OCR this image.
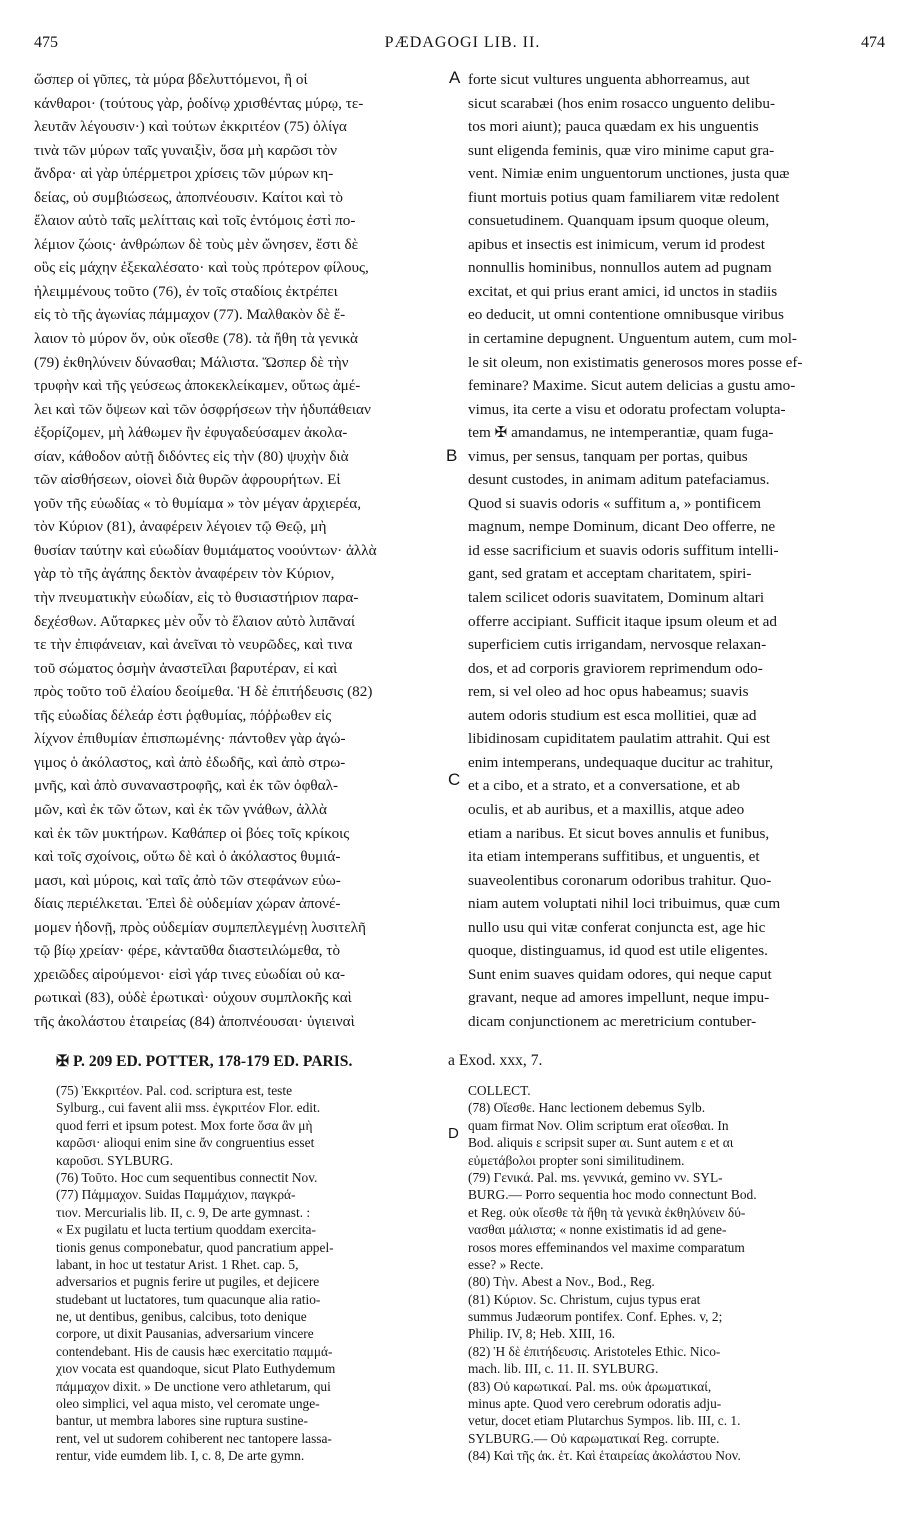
475	PÆDAGOGI LIB. II.	474
ὥσπερ οἱ γῦπες, τὰ μύρα βδελυττόμενοι, ἢ οἱ
κάνθαροι· (τούτους γὰρ, ῥοδίνῳ χρισθέντας μύρῳ, τε-
λευτᾶν λέγουσιν·) καὶ τούτων ἐκκριτέον (75) ὀλίγα
τινὰ τῶν μύρων ταῖς γυναιξὶν, ὅσα μὴ καρῶσι τὸν
ἄνδρα· αἱ γὰρ ὑπέρμετροι χρίσεις τῶν μύρων κη-
δείας, οὐ συμβιώσεως, ἀποπνέουσιν. Καίτοι καὶ τὸ
ἔλαιον αὐτὸ ταῖς μελίτταις καὶ τοῖς ἐντόμοις ἐστὶ πο-
λέμιον ζώοις· ἀνθρώπων δὲ τοὺς μὲν ὤνησεν, ἔστι δὲ
οὓς εἰς μάχην ἐξεκαλέσατο· καὶ τοὺς πρότερον φίλους,
ἠλειμμένους τοῦτο (76), ἐν τοῖς σταδίοις ἐκτρέπει
εἰς τὸ τῆς ἀγωνίας πάμμαχον (77). Μαλθακὸν δὲ ἔ-
λαιον τὸ μύρον ὄν, οὐκ οἴεσθε (78). τὰ ἤθη τὰ γενικὰ
(79) ἐκθηλύνειν δύνασθαι; Μάλιστα. Ὥσπερ δὲ τὴν
τρυφὴν καὶ τῆς γεύσεως ἀποκεκλείκαμεν, οὕτως ἀμέ-
λει καὶ τῶν ὄψεων καὶ τῶν ὀσφρήσεων τὴν ἡδυπάθειαν
ἐξορίζομεν, μὴ λάθωμεν ἣν ἐφυγαδεύσαμεν ἀκολα-
σίαν, κάθοδον αὐτῇ διδόντες εἰς τὴν (80) ψυχὴν διὰ
τῶν αἰσθήσεων, οἱονεὶ διὰ θυρῶν ἀφρουρήτων. Εἰ
γοῦν τῆς εὐωδίας « τὸ θυμίαμα » τὸν μέγαν ἀρχιερέα,
τὸν Κύριον (81), ἀναφέρειν λέγοιεν τῷ Θεῷ, μὴ
θυσίαν ταύτην καὶ εὐωδίαν θυμιάματος νοούντων· ἀλλὰ
γὰρ τὸ τῆς ἀγάπης δεκτὸν ἀναφέρειν τὸν Κύριον,
τὴν πνευματικὴν εὐωδίαν, εἰς τὸ θυσιαστήριον παρα-
δεχέσθων. Αὔταρκες μὲν οὖν τὸ ἔλαιον αὐτὸ λιπᾶναί
τε τὴν ἐπιφάνειαν, καὶ ἀνεῖναι τὸ νευρῶδες, καὶ τινα
τοῦ σώματος ὀσμὴν ἀναστεῖλαι βαρυτέραν, εἰ καὶ
πρὸς τοῦτο τοῦ ἐλαίου δεοίμεθα. Ἡ δὲ ἐπιτήδευσις (82)
τῆς εὐωδίας δέλεάρ ἐστι ῥᾳθυμίας, πόῤῥωθεν εἰς
λίχνον ἐπιθυμίαν ἐπισπωμένης· πάντοθεν γὰρ ἀγώ-
γιμος ὁ ἀκόλαστος, καὶ ἀπὸ ἐδωδῆς, καὶ ἀπὸ στρω-
μνῆς, καὶ ἀπὸ συναναστροφῆς, καὶ ἐκ τῶν ὀφθαλ-
μῶν, καὶ ἐκ τῶν ὤτων, καὶ ἐκ τῶν γνάθων, ἀλλὰ
καὶ ἐκ τῶν μυκτήρων. Καθάπερ οἱ βόες τοῖς κρίκοις
καὶ τοῖς σχοίνοις, οὕτω δὲ καὶ ὁ ἀκόλαστος θυμιά-
μασι, καὶ μύροις, καὶ ταῖς ἀπὸ τῶν στεφάνων εὐω-
δίαις περιέλκεται. Ἐπεὶ δὲ οὐδεμίαν χώραν ἀπονέ-
μομεν ἡδονῇ, πρὸς οὐδεμίαν συμπεπλεγμένῃ λυσιτελῆ
τῷ βίῳ χρείαν· φέρε, κἀνταῦθα διαστειλώμεθα, τὸ
χρειῶδες αἱρούμενοι· εἰσὶ γάρ τινες εὐωδίαι οὐ κα-
ρωτικαὶ (83), οὐδὲ ἐρωτικαὶ· οὐχουν συμπλοκῆς καὶ
τῆς ἀκολάστου ἑταιρείας (84) ἀποπνέουσαι· ὑγιειναὶ
forte sicut vultures unguenta abhorreamus, aut
sicut scarabæi (hos enim rosacco unguento delibu-
tos mori aiunt); pauca quædam ex his unguentis
sunt eligenda feminis, quæ viro minime caput gra-
vent. Nimiæ enim unguentorum unctiones, justa quæ
fiunt mortuis potius quam familiarem vitæ redolent
consuetudinem. Quanquam ipsum quoque oleum,
apibus et insectis est inimicum, verum id prodest
nonnullis hominibus, nonnullos autem ad pugnam
excitat, et qui prius erant amici, id unctos in stadiis
eo deducit, ut omni contentione omnibusque viribus
in certamine depugnent. Unguentum autem, cum mol-
le sit oleum, non existimatis generosos mores posse ef-
feminare? Maxime. Sicut autem delicias a gustu amo-
vimus, ita certe a visu et odoratu profectam volupta-
tem ✠ amandamus, ne intemperantiæ, quam fuga-
vimus, per sensus, tanquam per portas, quibus
desunt custodes, in animam aditum patefaciamus.
Quod si suavis odoris « suffitum a, » pontificem
magnum, nempe Dominum, dicant Deo offerre, ne
id esse sacrificium et suavis odoris suffitum intelli-
gant, sed gratam et acceptam charitatem, spiri-
talem scilicet odoris suavitatem, Dominum altari
offerre accipiant. Sufficit itaque ipsum oleum et ad
superficiem cutis irrigandam, nervosque relaxan-
dos, et ad corporis graviorem reprimendum odo-
rem, si vel oleo ad hoc opus habeamus; suavis
autem odoris studium est esca mollitiei, quæ ad
libidinosam cupiditatem paulatim attrahit. Qui est
enim intemperans, undequaque ducitur ac trahitur,
et a cibo, et a strato, et a conversatione, et ab
oculis, et ab auribus, et a maxillis, atque adeo
etiam a naribus. Et sicut boves annulis et funibus,
ita etiam intemperans suffitibus, et unguentis, et
suaveolentibus coronarum odoribus trahitur. Quo-
niam autem voluptati nihil loci tribuimus, quæ cum
nullo usu qui vitæ conferat conjuncta est, age hic
quoque, distinguamus, id quod est utile eligentes.
Sunt enim suaves quidam odores, qui neque caput
gravant, neque ad amores impellunt, neque impu-
dicam conjunctionem ac meretricium contuber-
A
B
C
D
✠ P. 209 ED. POTTER, 178-179 ED. PARIS.	a Exod. xxx, 7.
(75) Ἐκκριτέον. Pal. cod. scriptura est, teste
Sylburg., cui favent alii mss. ἐγκριτέον Flor. edit.
quod ferri et ipsum potest. Mox forte ὅσα ἂν μὴ
καρῶσι· alioqui enim sine ἄν congruentius esset
καροῦσι. SYLBURG.
(76) Τοῦτο. Hoc cum sequentibus connectit Nov.
(77) Πάμμαχον. Suidas Παμμάχιον, παγκρά-
τιον. Mercurialis lib. II, c. 9, De arte gymnast. :
« Ex pugilatu et lucta tertium quoddam exercita-
tionis genus componebatur, quod pancratium appel-
labant, in hoc ut testatur Arist. 1 Rhet. cap. 5,
adversarios et pugnis ferire ut pugiles, et dejicere
studebant ut luctatores, tum quacunque alia ratio-
ne, ut dentibus, genibus, calcibus, toto denique
corpore, ut dixit Pausanias, adversarium vincere
contendebant. His de causis hæc exercitatio παμμά-
χιον vocata est quandoque, sicut Plato Euthydemum
πάμμαχον dixit. » De unctione vero athletarum, qui
oleo simplici, vel aqua misto, vel ceromate unge-
bantur, ut membra labores sine ruptura sustine-
rent, vel ut sudorem cohiberent nec tantopere lassa-
rentur, vide eumdem lib. I, c. 8, De arte gymn.
COLLECT.
(78) Οἴεσθε. Hanc lectionem debemus Sylb.
quam firmat Nov. Olim scriptum erat οἴεσθαι. In
Bod. aliquis ε scripsit super αι. Sunt autem ε et αι
εὐμετάβολοι propter soni similitudinem.
(79) Γενικά. Pal. ms. γεννικά, gemino νν. SYL-
BURG.— Porro sequentia hoc modo connectunt Bod.
et Reg. οὐκ οἴεσθε τὰ ἤθη τὰ γενικὰ ἐκθηλύνειν δύ-
νασθαι μάλιστα; « nonne existimatis id ad gene-
rosos mores effeminandos vel maxime comparatum
esse? » Recte.
(80) Τὴν. Abest a Nov., Bod., Reg.
(81) Κύριον. Sc. Christum, cujus typus erat
summus Judæorum pontifex. Conf. Ephes. v, 2;
Philip. IV, 8; Heb. XIII, 16.
(82) Ἡ δὲ ἐπιτήδευσις. Aristoteles Ethic. Nico-
mach. lib. III, c. 11. II. SYLBURG.
(83) Οὐ καρωτικαί. Pal. ms. οὐκ ἀρωματικαί,
minus apte. Quod vero cerebrum odoratis adju-
vetur, docet etiam Plutarchus Sympos. lib. III, c. 1.
SYLBURG.— Οὐ καρωματικαί Reg. corrupte.
(84) Καὶ τῆς ἀκ. ἑτ. Καὶ ἑταιρείας ἀκολάστου Nov.
